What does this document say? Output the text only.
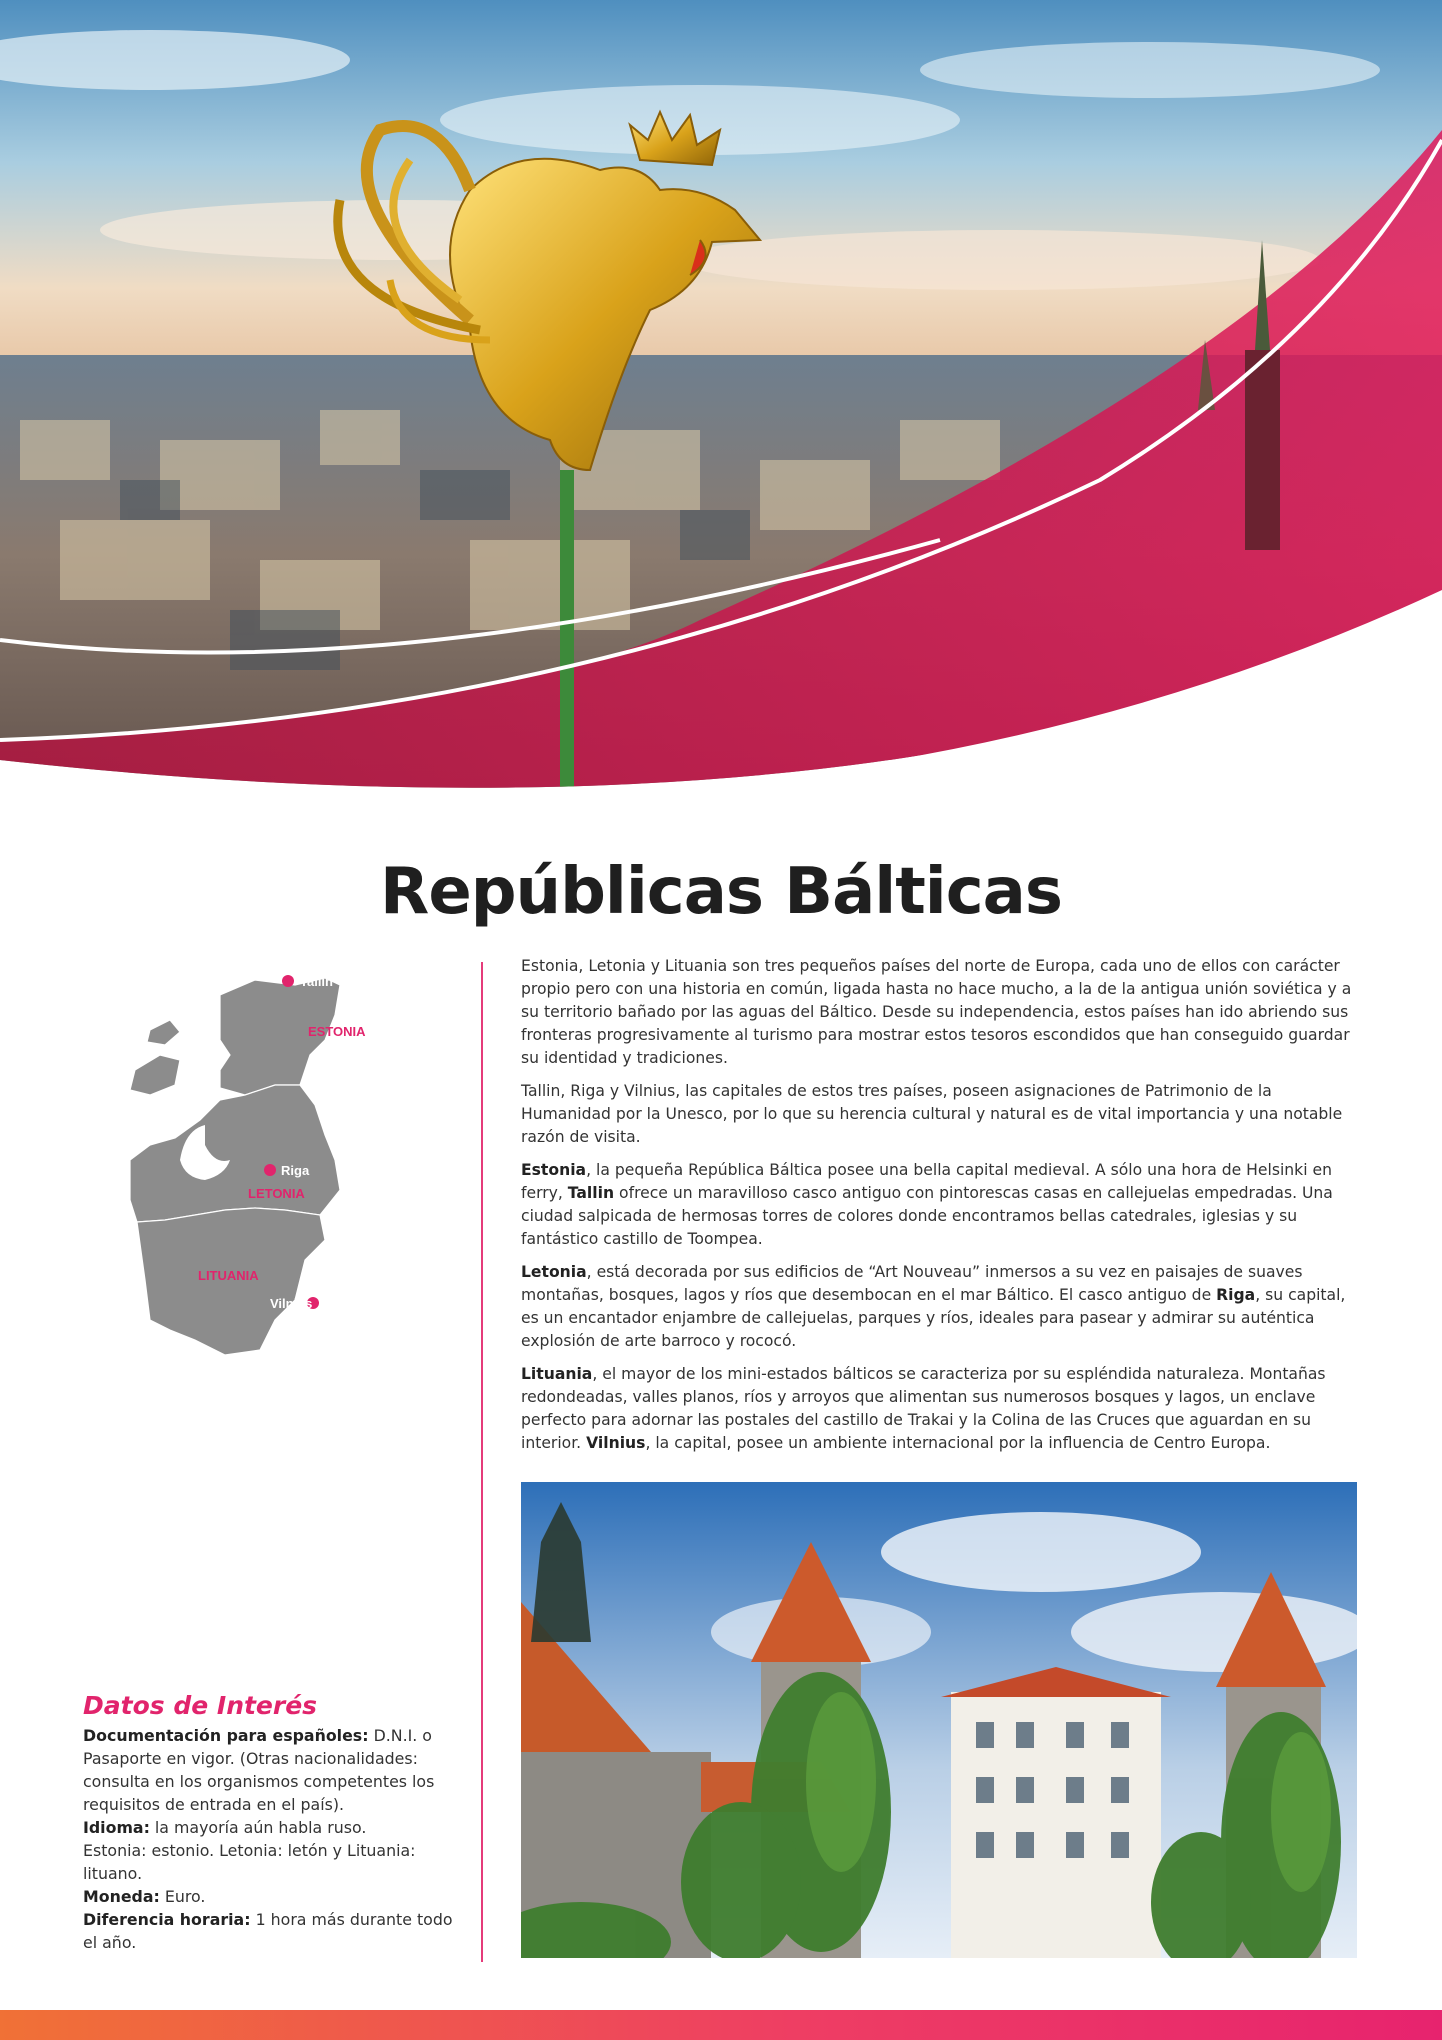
Repúblicas Bálticas
Tallín
ESTONIA
Riga
LETONIA
LITUANIA
Vilnius

Estonia, Letonia y Lituania son tres pequeños países del norte de Europa, cada uno de ellos con carácter propio pero con una historia en común, ligada hasta no hace mucho, a la de la antigua unión soviética y a su territorio bañado por las aguas del Báltico. Desde su independencia, estos países han ido abriendo sus fronteras progresivamente al turismo para mostrar estos tesoros escondidos que han conseguido guardar su identidad y tradiciones.

Tallin, Riga y Vilnius, las capitales de estos tres países, poseen asignaciones de Patrimonio de la Humanidad por la Unesco, por lo que su herencia cultural y natural es de vital importancia y una notable razón de visita.

Estonia, la pequeña República Báltica posee una bella capital medieval. A sólo una hora de Helsinki en ferry, Tallin ofrece un maravilloso casco antiguo con pintorescas casas en callejuelas empedradas. Una ciudad salpicada de hermosas torres de colores donde encontramos bellas catedrales, iglesias y su fantástico castillo de Toompea.

Letonia, está decorada por sus edificios de “Art Nouveau” inmersos a su vez en paisajes de suaves montañas, bosques, lagos y ríos que desembocan en el mar Báltico. El casco antiguo de Riga, su capital, es un encantador enjambre de callejuelas, parques y ríos, ideales para pasear y admirar su auténtica explosión de arte barroco y rococó.

Lituania, el mayor de los mini-estados bálticos se caracteriza por su espléndida naturaleza. Montañas redondeadas, valles planos, ríos y arroyos que alimentan sus numerosos bosques y lagos, un enclave perfecto para adornar las postales del castillo de Trakai y la Colina de las Cruces que aguardan en su interior. Vilnius, la capital, posee un ambiente internacional por la influencia de Centro Europa.

Datos de Interés

Documentación para españoles: D.N.I. o Pasaporte en vigor. (Otras nacionalidades: consulta en los organismos competentes los requisitos de entrada en el país).

Idioma: la mayoría aún habla ruso.

Estonia: estonio. Letonia: letón y Lituania: lituano.

Moneda: Euro.

Diferencia horaria: 1 hora más durante todo el año.
